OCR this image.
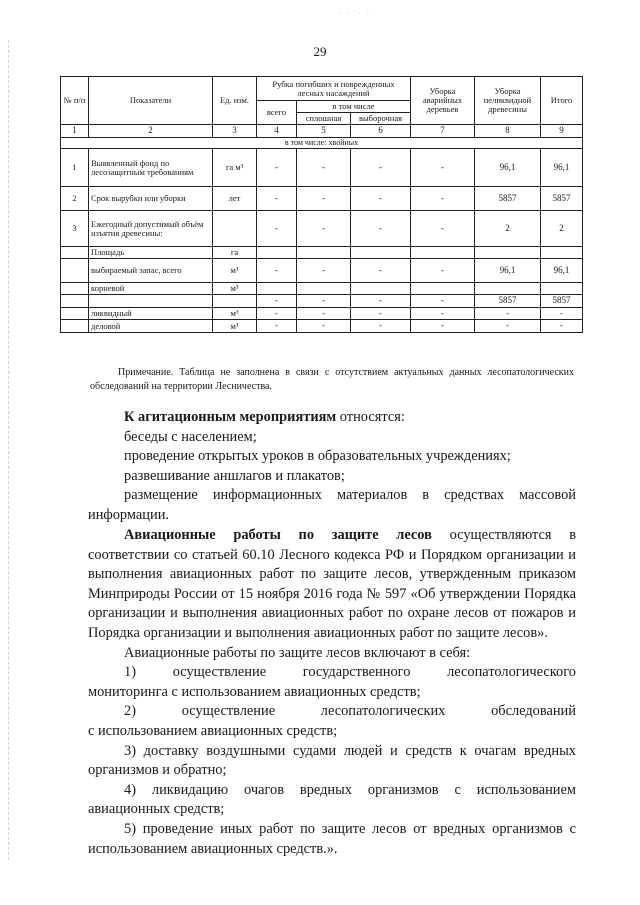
· · ˙· ·
29
№ п/п	Показатели	Ед. изм.	Рубка погибших и поврежденных лесных насаждений			Уборка аварийных деревьев	Уборка неликвидной древесины	Итого
			всего	в том числе				
				сплошная	выборочная			
1	2	3	4	5	6	7	8	9
в том числе: хвойных								
1	Выявленный фонд по лесозащитным требованиям	га м³	-	-	-	-	96,1	96,1
2	Срок вырубки или уборки	лет	-	-	-	-	5857	5857
3	Ежегодный допустимый объём изъятия древесины:		-	-	-	-	2	2
	Площадь	га						
	выбираемый запас, всего	м³	-	-	-	-	96,1	96,1
	корневой	м³						
			-	-	-	-	5857	5857
	ликвидный	м³	-	-	-	-	-	-
	деловой	м³	-	-	-	-	-	-
Примечание. Таблица не заполнена в связи с отсутствием актуальных данных лесопатологических обследований на территории Лесничества.

К агитационным мероприятиям относятся:

беседы с населением;

проведение открытых уроков в образовательных учреждениях;

развешивание аншлагов и плакатов;

размещение информационных материалов в средствах массовой информации.

Авиационные работы по защите лесов осуществляются в соответствии со статьей 60.10 Лесного кодекса РФ и Порядком организации и выполнения авиационных работ по защите лесов, утвержденным приказом Минприроды России от 15 ноября 2016 года № 597 «Об утверждении Порядка организации и выполнения авиационных работ по охране лесов от пожаров и Порядка организации и выполнения авиационных работ по защите лесов».

Авиационные работы по защите лесов включают в себя:

1)	осуществление	государственного	лесопатологического

мониторинга с использованием авиационных средств;

2)	осуществление	лесопатологических	обследований

с использованием авиационных средств;

3) доставку воздушными судами людей и средств к очагам вредных организмов и обратно;

4) ликвидацию очагов вредных организмов с использованием авиационных средств;

5) проведение иных работ по защите лесов от вредных организмов с использованием авиационных средств.».
